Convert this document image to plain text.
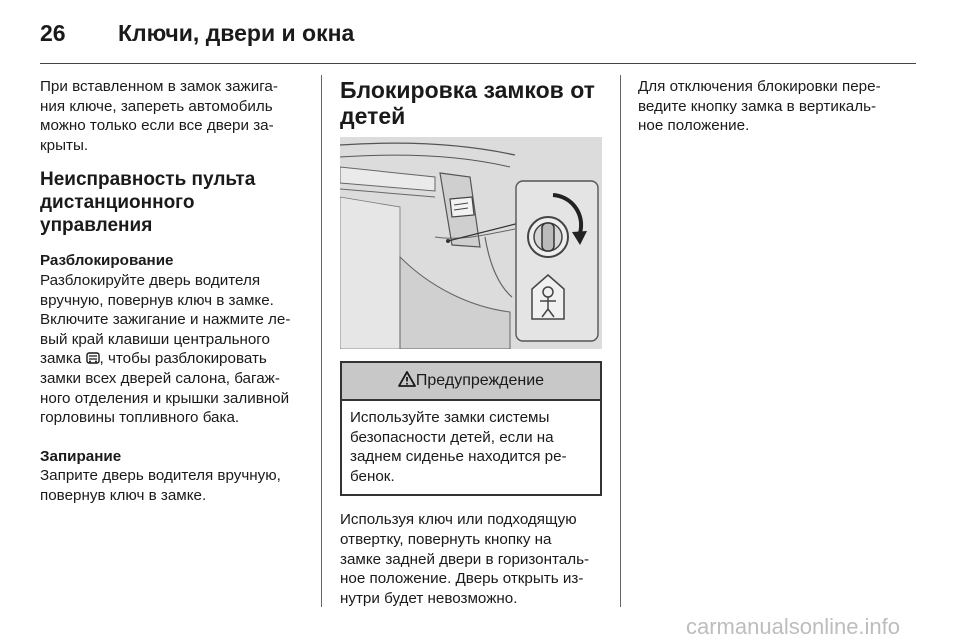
26 Ключи, двери и окна

При вставленном в замок зажига-
ния ключе, запереть автомобиль
можно только если все двери за-
крыты.

Неисправность пульта
дистанционного управления

Разблокирование

Разблокируйте дверь водителя
вручную, повернув ключ в замке.
Включите зажигание и нажмите ле-
вый край клавиши центрального
замка , чтобы разблокировать
замки всех дверей салона, багаж-
ного отделения и крышки заливной
горловины топливного бака.

Запирание

Заприте дверь водителя вручную,
повернув ключ в замке.

Блокировка замков от
детей

Предупреждение
Используйте замки системы
безопасности детей, если на
заднем сиденье находится ре-
бенок.

Используя ключ или подходящую
отвертку, повернуть кнопку на
замке задней двери в горизонталь-
ное положение. Дверь открыть из-
нутри будет невозможно.

Для отключения блокировки пере-
ведите кнопку замка в вертикаль-
ное положение.

carmanualsonline.info
